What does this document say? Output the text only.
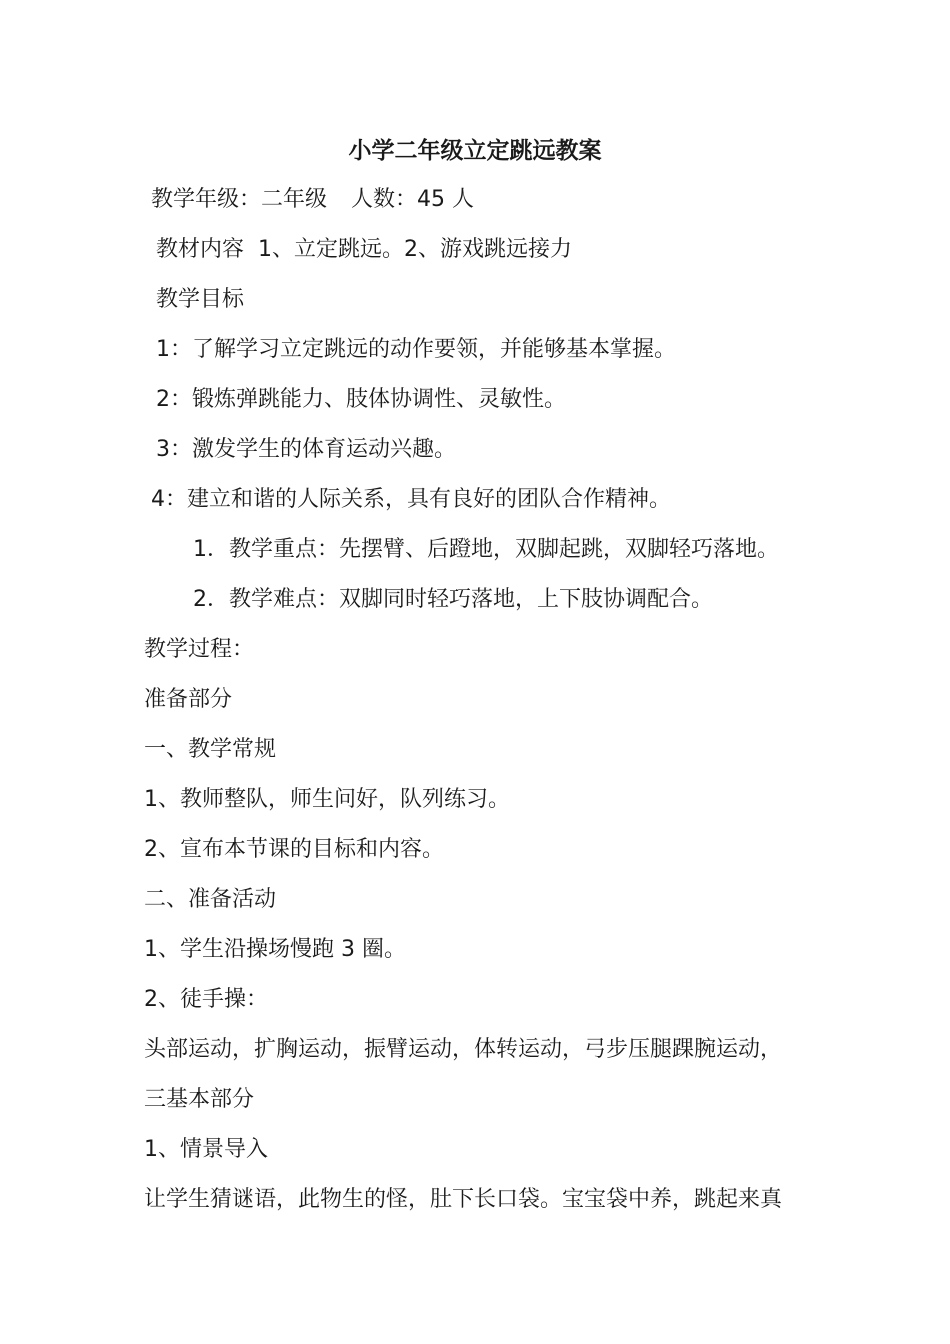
小学二年级立定跳远教案
教学年级：二年级 人数：45 人
教材内容 1、立定跳远。2、游戏跳远接力
教学目标
1：了解学习立定跳远的动作要领，并能够基本掌握。
2：锻炼弹跳能力、肢体协调性、灵敏性。
3：激发学生的体育运动兴趣。
4：建立和谐的人际关系，具有良好的团队合作精神。
1．教学重点：先摆臂、后蹬地，双脚起跳，双脚轻巧落地。
2．教学难点：双脚同时轻巧落地，上下肢协调配合。
教学过程：
准备部分
一、教学常规
1、教师整队，师生问好，队列练习。
2、宣布本节课的目标和内容。
二、准备活动
1、学生沿操场慢跑 3 圈。
2、徒手操：
头部运动，扩胸运动，振臂运动，体转运动，弓步压腿踝腕运动，
三基本部分
1、情景导入
让学生猜谜语，此物生的怪，肚下长口袋。宝宝袋中养，跳起来真
